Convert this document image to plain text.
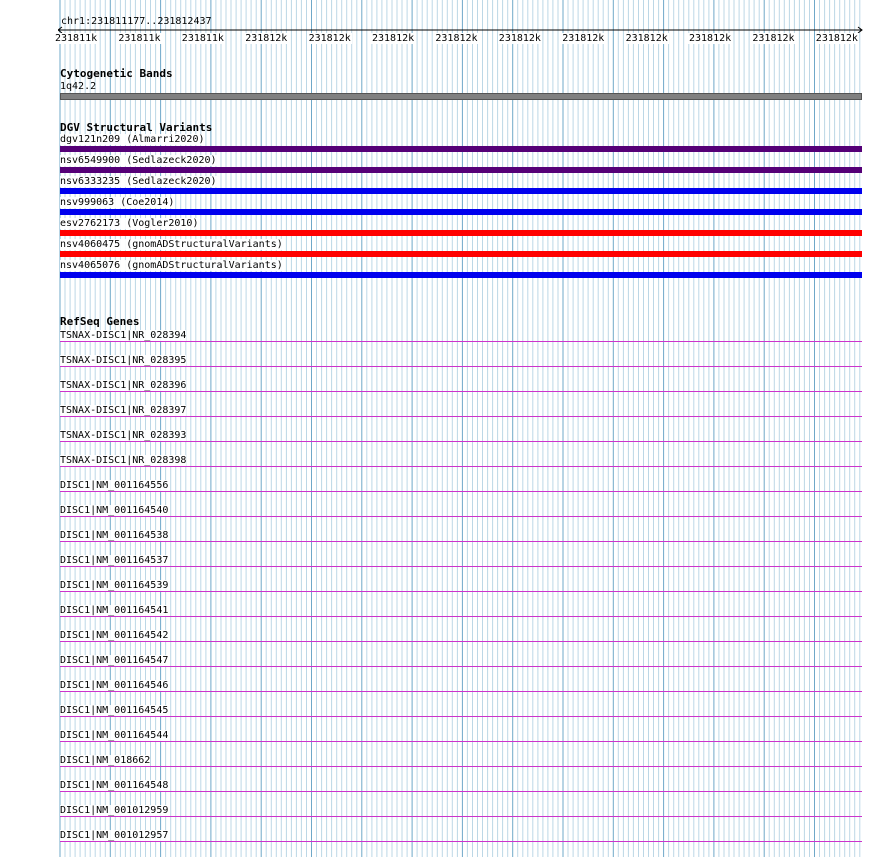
chr1:231811177..231812437
231811k 231811k 231811k 231812k 231812k 231812k 231812k 231812k 231812k 231812k 231812k 231812k 231812k
Cytogenetic Bands
1q42.2
DGV Structural Variants
dgv121n209 (Almarri2020)
nsv6549900 (Sedlazeck2020)
nsv6333235 (Sedlazeck2020)
nsv999063 (Coe2014)
esv2762173 (Vogler2010)
nsv4060475 (gnomADStructuralVariants)
nsv4065076 (gnomADStructuralVariants)
RefSeq Genes
TSNAX-DISC1|NR_028394
TSNAX-DISC1|NR_028395
TSNAX-DISC1|NR_028396
TSNAX-DISC1|NR_028397
TSNAX-DISC1|NR_028393
TSNAX-DISC1|NR_028398
DISC1|NM_001164556
DISC1|NM_001164540
DISC1|NM_001164538
DISC1|NM_001164537
DISC1|NM_001164539
DISC1|NM_001164541
DISC1|NM_001164542
DISC1|NM_001164547
DISC1|NM_001164546
DISC1|NM_001164545
DISC1|NM_001164544
DISC1|NM_018662
DISC1|NM_001164548
DISC1|NM_001012959
DISC1|NM_001012957
